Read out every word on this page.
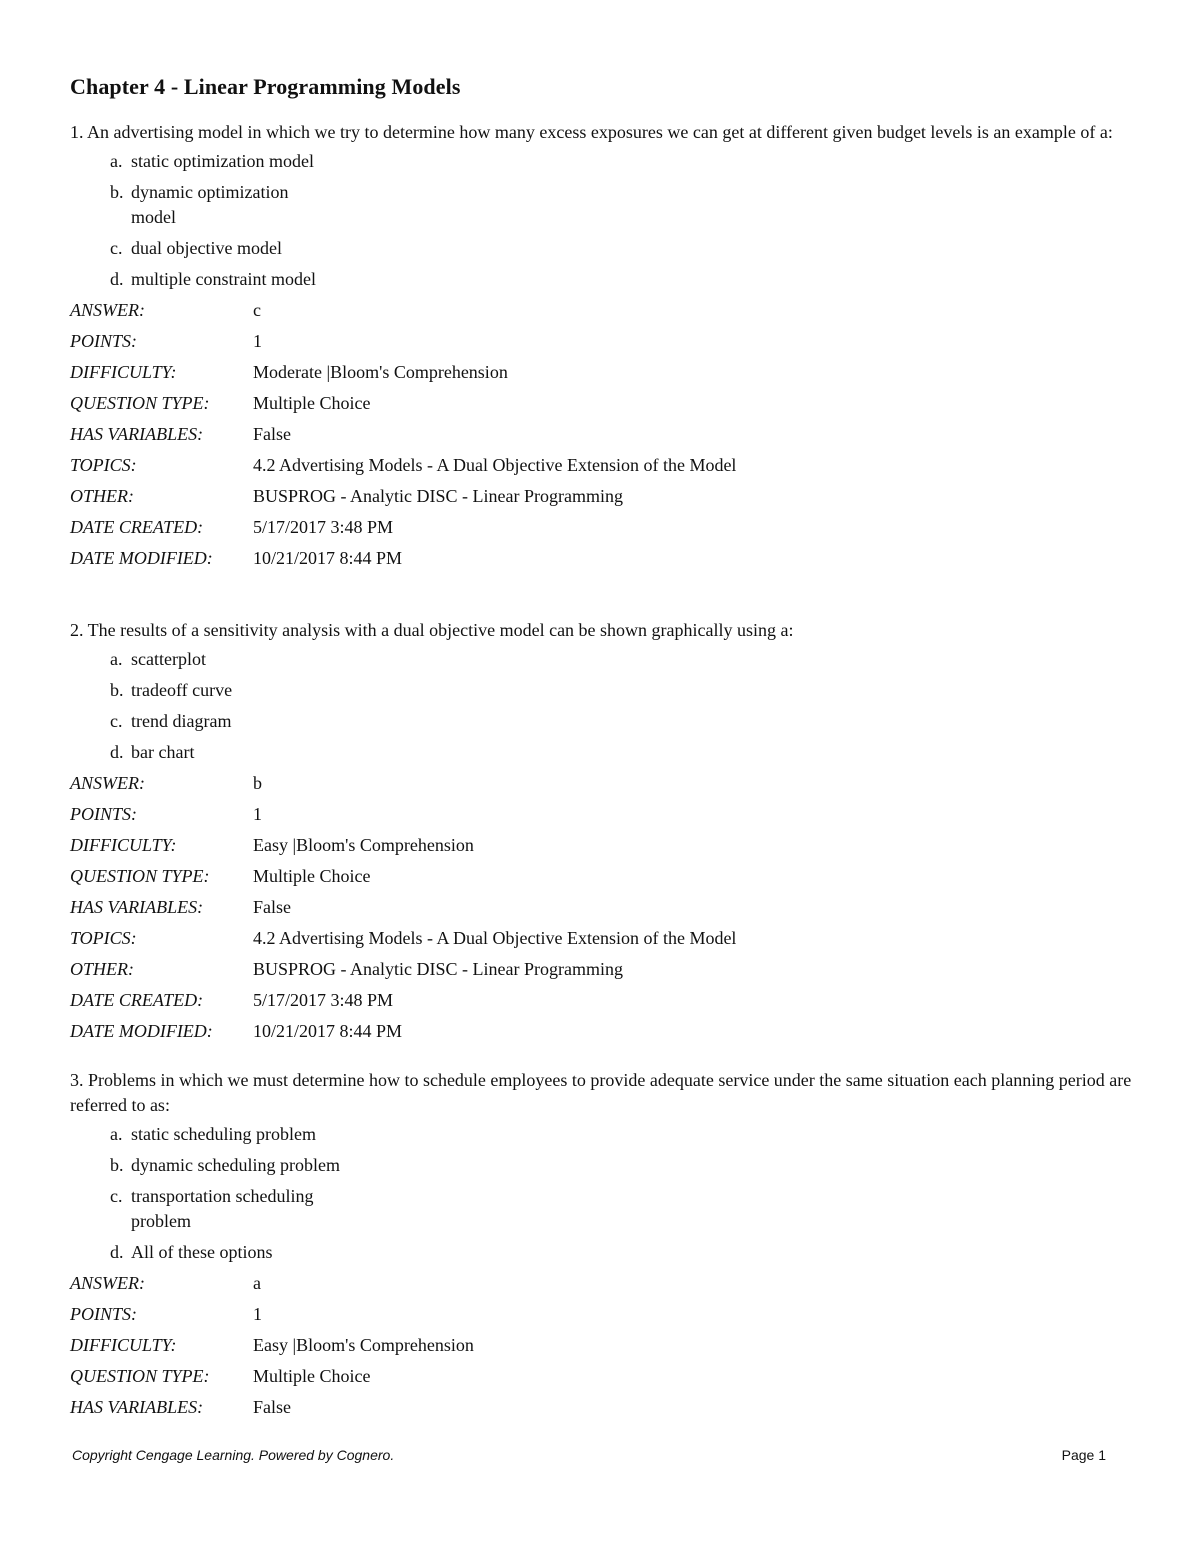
Chapter 4 - Linear Programming Models

1. An advertising model in which we try to determine how many excess exposures we can get at different given budget levels is an example of a:

a. static optimization model
b. dynamic optimization model
c. dual objective model
d. multiple constraint model
ANSWER:	c
POINTS:	1
DIFFICULTY:	Moderate |Bloom's Comprehension
QUESTION TYPE:	Multiple Choice
HAS VARIABLES:	False
TOPICS:	4.2 Advertising Models - A Dual Objective Extension of the Model
OTHER:	BUSPROG - Analytic DISC - Linear Programming
DATE CREATED:	5/17/2017 3:48 PM
DATE MODIFIED:	10/21/2017 8:44 PM

2. The results of a sensitivity analysis with a dual objective model can be shown graphically using a:

a. scatterplot
b. tradeoff curve
c. trend diagram
d. bar chart
ANSWER:	b
POINTS:	1
DIFFICULTY:	Easy |Bloom's Comprehension
QUESTION TYPE:	Multiple Choice
HAS VARIABLES:	False
TOPICS:	4.2 Advertising Models - A Dual Objective Extension of the Model
OTHER:	BUSPROG - Analytic DISC - Linear Programming
DATE CREATED:	5/17/2017 3:48 PM
DATE MODIFIED:	10/21/2017 8:44 PM

3. Problems in which we must determine how to schedule employees to provide adequate service under the same situation each planning period are referred to as:

a. static scheduling problem
b. dynamic scheduling problem
c. transportation scheduling problem
d. All of these options
ANSWER:	a
POINTS:	1
DIFFICULTY:	Easy |Bloom's Comprehension
QUESTION TYPE:	Multiple Choice
HAS VARIABLES:	False
Copyright Cengage Learning. Powered by Cognero.	Page 1
